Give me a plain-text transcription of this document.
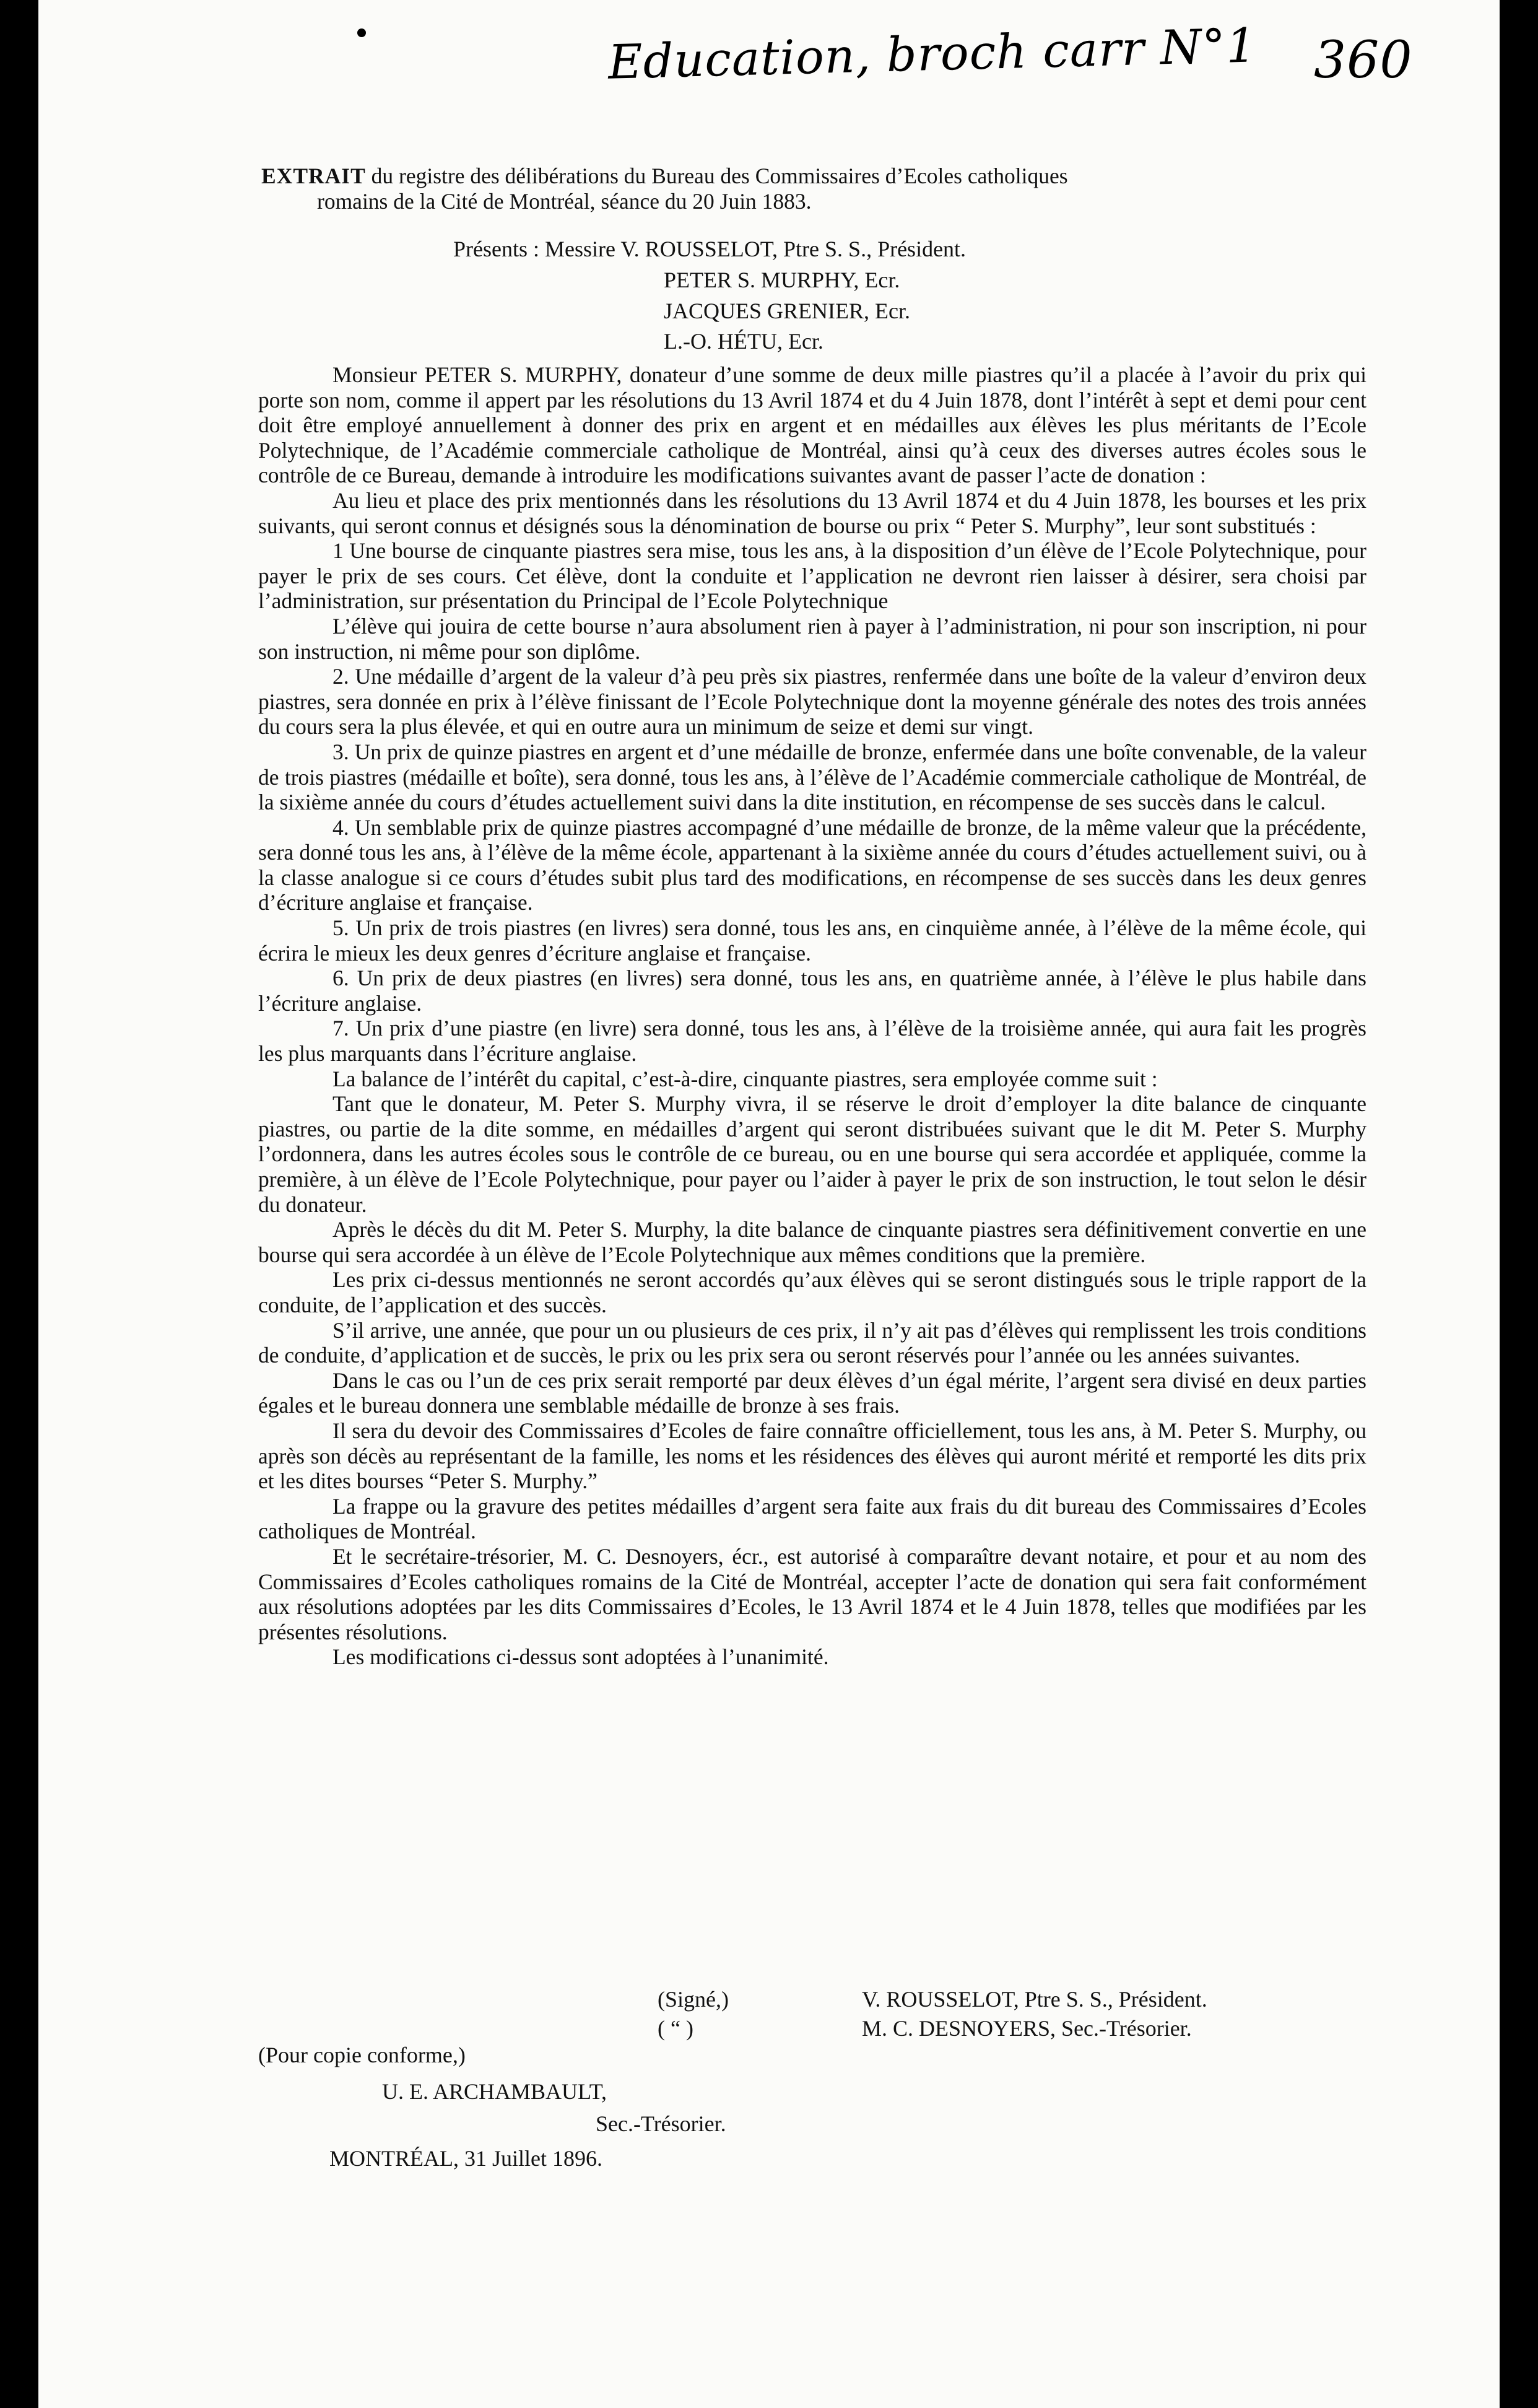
Education, broch carr N°1 360
EXTRAIT du registre des délibérations du Bureau des Commissaires d’Ecoles catholiques
romains de la Cité de Montréal, séance du 20 Juin 1883.
Présents : Messire V. ROUSSELOT, Ptre S. S., Président.
PETER S. MURPHY, Ecr.
JACQUES GRENIER, Ecr.
L.-O. HÉTU, Ecr.

Monsieur PETER S. MURPHY, donateur d’une somme de deux mille piastres qu’il a placée à l’avoir du prix qui porte son nom, comme il appert par les résolutions du 13 Avril 1874 et du 4 Juin 1878, dont l’intérêt à sept et demi pour cent doit être employé annuellement à donner des prix en argent et en médailles aux élèves les plus méritants de l’Ecole Polytechnique, de l’Académie commerciale catholique de Montréal, ainsi qu’à ceux des diverses autres écoles sous le contrôle de ce Bureau, demande à introduire les modifications suivantes avant de passer l’acte de donation :

Au lieu et place des prix mentionnés dans les résolutions du 13 Avril 1874 et du 4 Juin 1878, les bourses et les prix suivants, qui seront connus et désignés sous la dénomination de bourse ou prix “ Peter S. Murphy”, leur sont substitués :

1 Une bourse de cinquante piastres sera mise, tous les ans, à la disposition d’un élève de l’Ecole Polytechnique, pour payer le prix de ses cours. Cet élève, dont la conduite et l’application ne devront rien laisser à désirer, sera choisi par l’administration, sur présentation du Principal de l’Ecole Polytechnique

L’élève qui jouira de cette bourse n’aura absolument rien à payer à l’administration, ni pour son inscription, ni pour son instruction, ni même pour son diplôme.

2. Une médaille d’argent de la valeur d’à peu près six piastres, renfermée dans une boîte de la valeur d’environ deux piastres, sera donnée en prix à l’élève finissant de l’Ecole Polytechnique dont la moyenne générale des notes des trois années du cours sera la plus élevée, et qui en outre aura un minimum de seize et demi sur vingt.

3. Un prix de quinze piastres en argent et d’une médaille de bronze, enfermée dans une boîte convenable, de la valeur de trois piastres (médaille et boîte), sera donné, tous les ans, à l’élève de l’Académie commerciale catholique de Montréal, de la sixième année du cours d’études actuellement suivi dans la dite institution, en récompense de ses succès dans le calcul.

4. Un semblable prix de quinze piastres accompagné d’une médaille de bronze, de la même valeur que la précédente, sera donné tous les ans, à l’élève de la même école, appartenant à la sixième année du cours d’études actuellement suivi, ou à la classe analogue si ce cours d’études subit plus tard des modifications, en récompense de ses succès dans les deux genres d’écriture anglaise et française.

5. Un prix de trois piastres (en livres) sera donné, tous les ans, en cinquième année, à l’élève de la même école, qui écrira le mieux les deux genres d’écriture anglaise et française.

6. Un prix de deux piastres (en livres) sera donné, tous les ans, en quatrième année, à l’élève le plus habile dans l’écriture anglaise.

7. Un prix d’une piastre (en livre) sera donné, tous les ans, à l’élève de la troisième année, qui aura fait les progrès les plus marquants dans l’écriture anglaise.

La balance de l’intérêt du capital, c’est-à-dire, cinquante piastres, sera employée comme suit :

Tant que le donateur, M. Peter S. Murphy vivra, il se réserve le droit d’employer la dite balance de cinquante piastres, ou partie de la dite somme, en médailles d’argent qui seront distribuées suivant que le dit M. Peter S. Murphy l’ordonnera, dans les autres écoles sous le contrôle de ce bureau, ou en une bourse qui sera accordée et appliquée, comme la première, à un élève de l’Ecole Polytechnique, pour payer ou l’aider à payer le prix de son instruction, le tout selon le désir du donateur.

Après le décès du dit M. Peter S. Murphy, la dite balance de cinquante piastres sera définitivement convertie en une bourse qui sera accordée à un élève de l’Ecole Polytechnique aux mêmes conditions que la première.

Les prix ci-dessus mentionnés ne seront accordés qu’aux élèves qui se seront distingués sous le triple rapport de la conduite, de l’application et des succès.

S’il arrive, une année, que pour un ou plusieurs de ces prix, il n’y ait pas d’élèves qui remplissent les trois conditions de conduite, d’application et de succès, le prix ou les prix sera ou seront réservés pour l’année ou les années suivantes.

Dans le cas ou l’un de ces prix serait remporté par deux élèves d’un égal mérite, l’argent sera divisé en deux parties égales et le bureau donnera une semblable médaille de bronze à ses frais.

Il sera du devoir des Commissaires d’Ecoles de faire connaître officiellement, tous les ans, à M. Peter S. Murphy, ou après son décès au représentant de la famille, les noms et les résidences des élèves qui auront mérité et remporté les dits prix et les dites bourses “Peter S. Murphy.”

La frappe ou la gravure des petites médailles d’argent sera faite aux frais du dit bureau des Commissaires d’Ecoles catholiques de Montréal.

Et le secrétaire-trésorier, M. C. Desnoyers, écr., est autorisé à comparaître devant notaire, et pour et au nom des Commissaires d’Ecoles catholiques romains de la Cité de Montréal, accepter l’acte de donation qui sera fait conformément aux résolutions adoptées par les dits Commissaires d’Ecoles, le 13 Avril 1874 et le 4 Juin 1878, telles que modifiées par les présentes résolutions.

Les modifications ci-dessus sont adoptées à l’unanimité.

(Signé,)	V. ROUSSELOT, Ptre S. S., Président.
( “ )	M. C. DESNOYERS, Sec.-Trésorier.
(Pour copie conforme,)
U. E. ARCHAMBAULT,
Sec.-Trésorier.
MONTRÉAL, 31 Juillet 1896.
